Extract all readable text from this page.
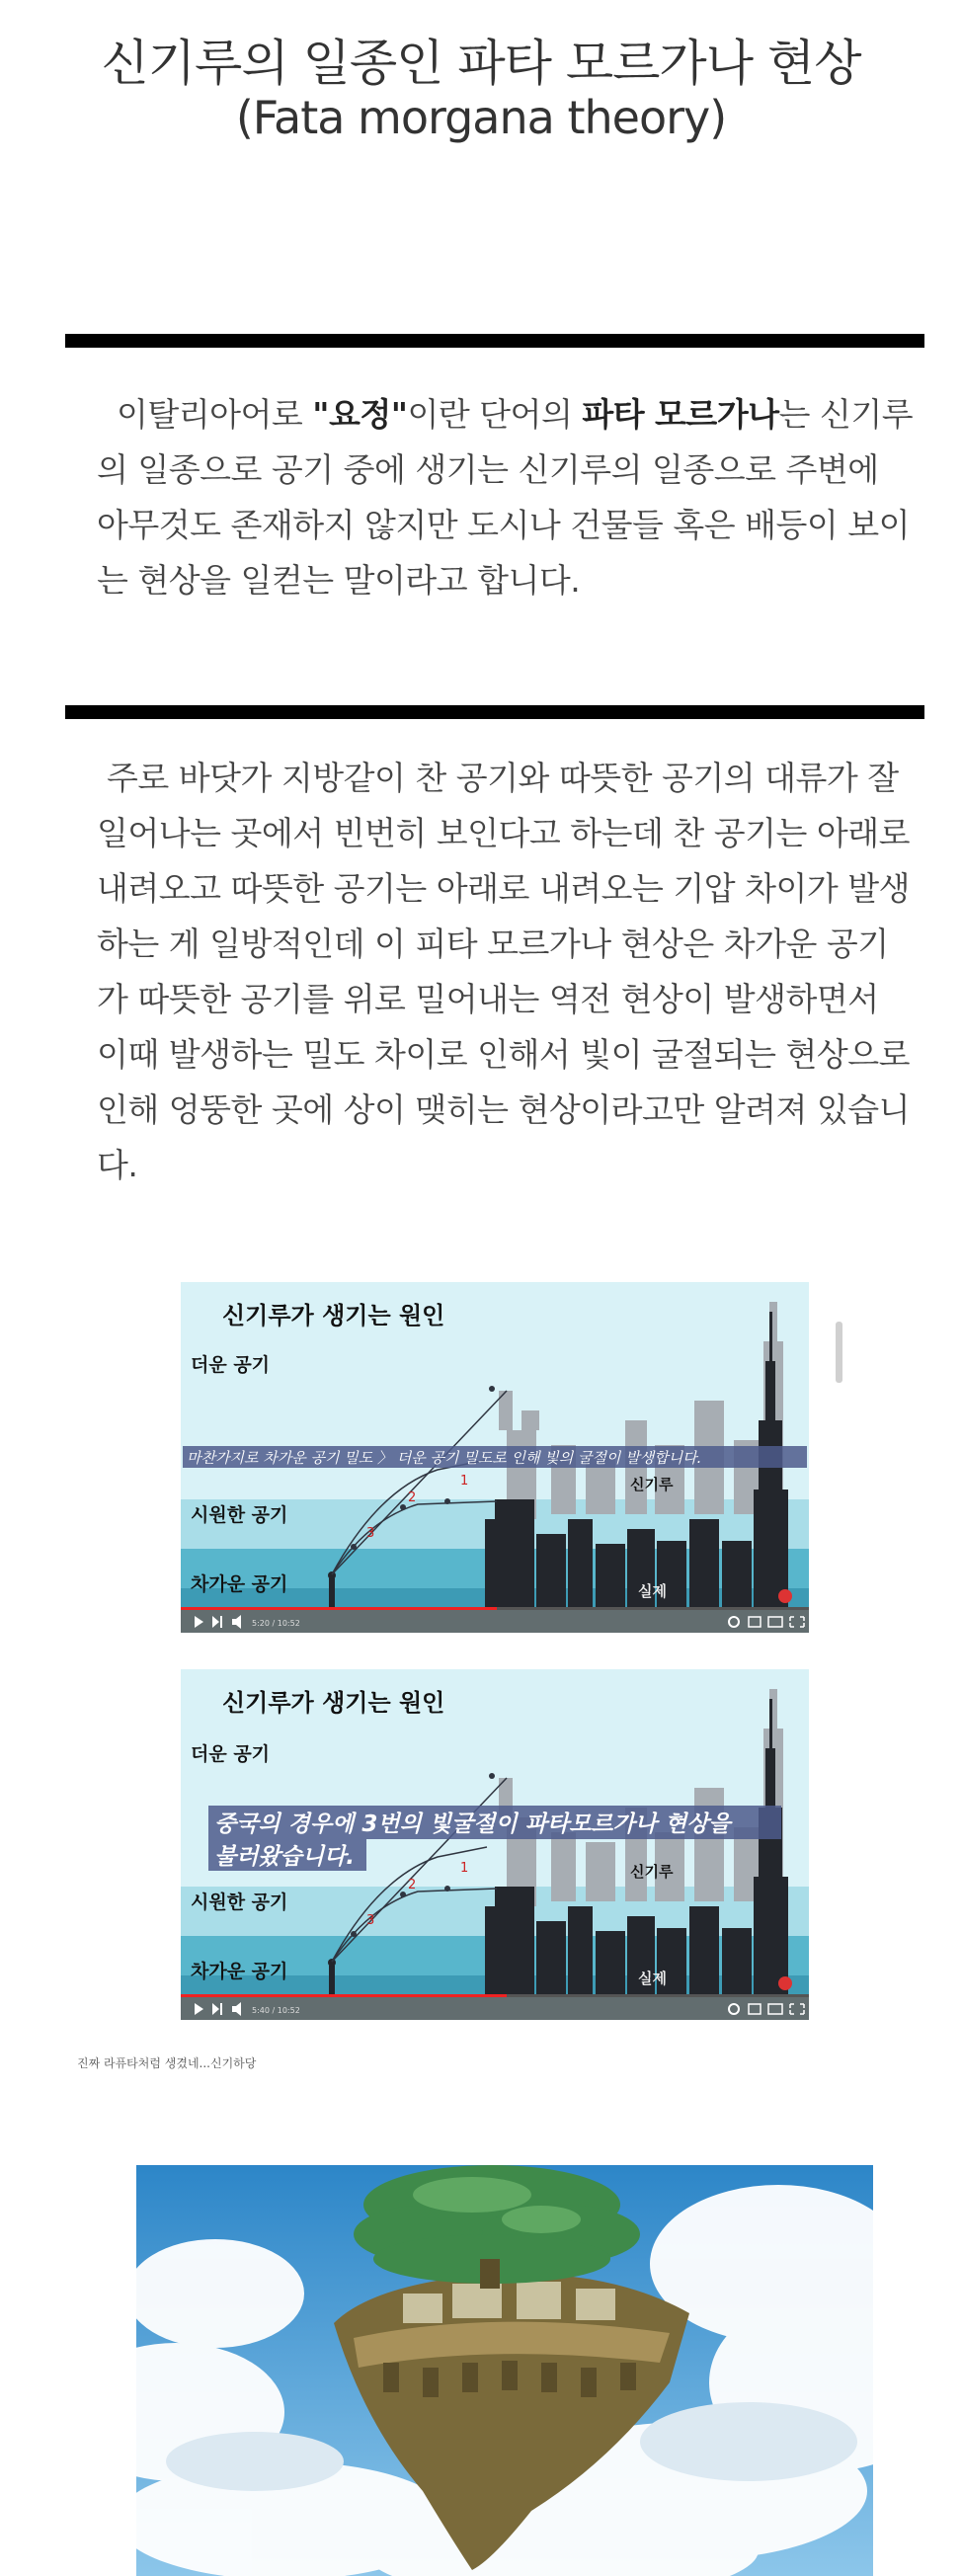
신기루의 일종인 파타 모르가나 현상
(Fata morgana theory)
이탈리아어로 "요정"이란 단어의 파타 모르가나는 신기루의 일종으로 공기 중에 생기는 신기루의 일종으로 주변에 아무것도 존재하지 않지만 도시나 건물들 혹은 배등이 보이는 현상을 일컫는 말이라고 합니다.
주로 바닷가 지방같이 찬 공기와 따뜻한 공기의 대류가 잘 일어나는 곳에서 빈번히 보인다고 하는데 찬 공기는 아래로 내려오고 따뜻한 공기는 아래로 내려오는 기압 차이가 발생하는 게 일방적인데 이 피타 모르가나 현상은 차가운 공기가 따뜻한 공기를 위로 밀어내는 역전 현상이 발생하면서 이때 발생하는 밀도 차이로 인해서 빛이 굴절되는 현상으로 인해 엉뚱한 곳에 상이 맺히는 현상이라고만 알려져 있습니다.
1
2
3
신기루가 생기는 원인
더운 공기
시원한 공기
차가운 공기
신기루
실제
마찬가지로 차가운 공기 밀도 〉 더운 공기 밀도로 인해 빛의 굴절이 발생합니다.
5:20 / 10:52
1
2
3
신기루가 생기는 원인
더운 공기
시원한 공기
차가운 공기
신기루
실제
중국의 경우에 3번의 빛굴절이 파타모르가나 현상을
불러왔습니다.
5:40 / 10:52
진짜 라퓨타처럼 생겼네...신기하당
